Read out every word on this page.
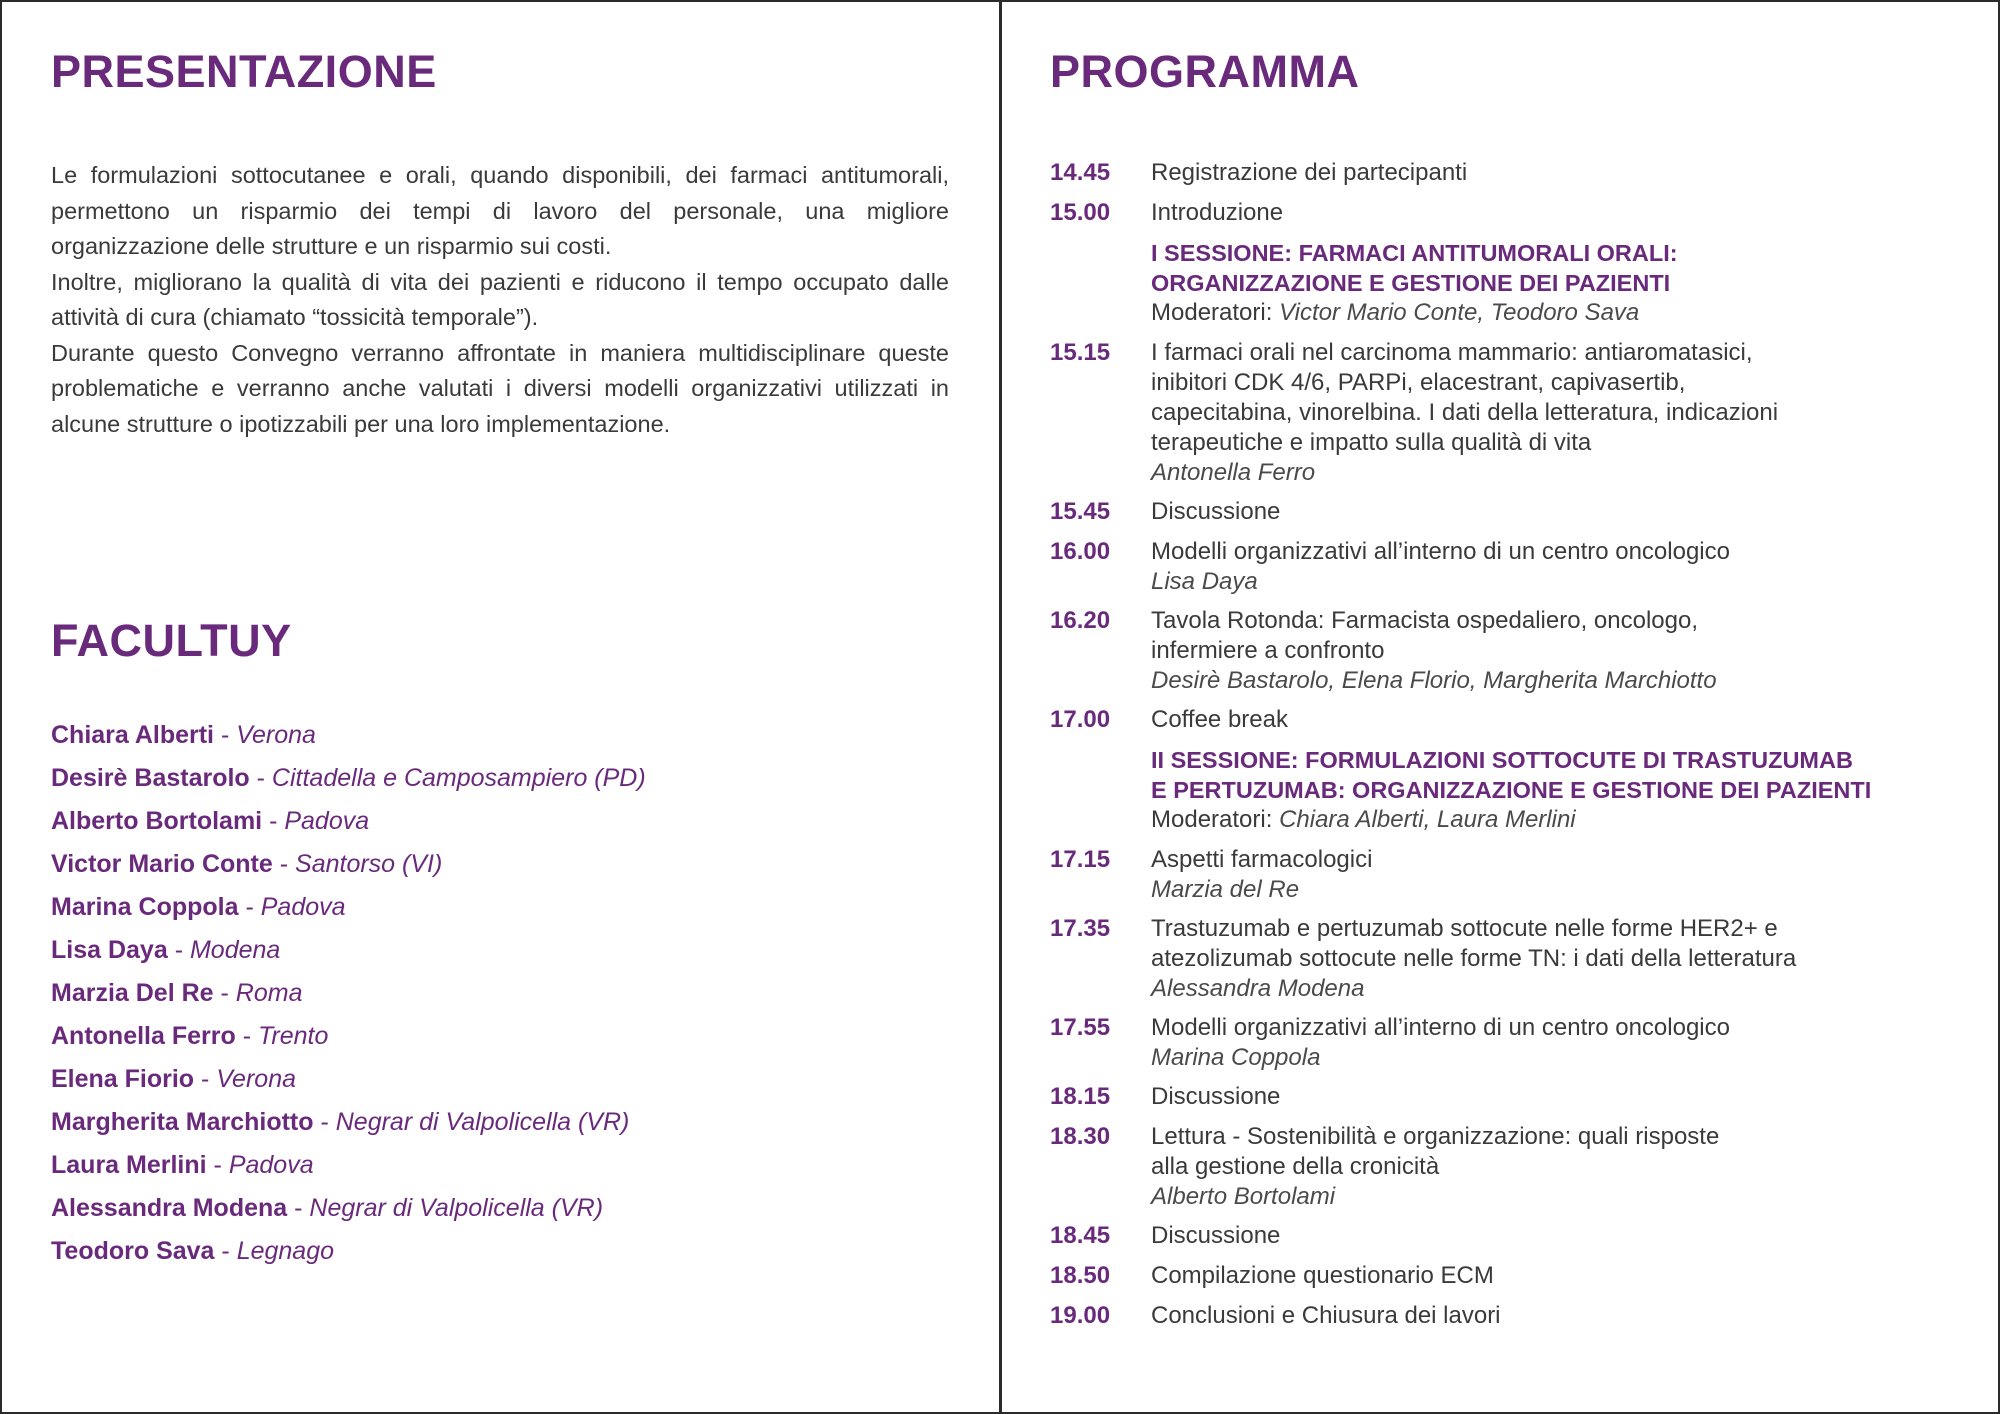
PRESENTAZIONE

Le formulazioni sottocutanee e orali, quando disponibili, dei farmaci antitumorali, permettono un risparmio dei tempi di lavoro del personale, una migliore organizzazione delle strutture e un risparmio sui costi.

Inoltre, migliorano la qualità di vita dei pazienti e riducono il tempo occupato dalle attività di cura (chiamato “tossicità temporale”).

Durante questo Convegno verranno affrontate in maniera multidisciplinare queste problematiche e verranno anche valutati i diversi modelli organizzativi utilizzati in alcune strutture o ipotizzabili per una loro implementazione.

FACULTUY
Chiara Alberti - Verona
Desirè Bastarolo - Cittadella e Camposampiero (PD)
Alberto Bortolami - Padova
Victor Mario Conte - Santorso (VI)
Marina Coppola - Padova
Lisa Daya - Modena
Marzia Del Re - Roma
Antonella Ferro - Trento
Elena Fiorio - Verona
Margherita Marchiotto - Negrar di Valpolicella (VR)
Laura Merlini - Padova
Alessandra Modena - Negrar di Valpolicella (VR)
Teodoro Sava - Legnago
PROGRAMMA
14.45	Registrazione dei partecipanti
15.00	Introduzione
I SESSIONE: FARMACI ANTITUMORALI ORALI:
ORGANIZZAZIONE E GESTIONE DEI PAZIENTI
Moderatori: Victor Mario Conte, Teodoro Sava
15.15	I farmaci orali nel carcinoma mammario: antiaromatasici,
inibitori CDK 4/6, PARPi, elacestrant, capivasertib,
capecitabina, vinorelbina. I dati della letteratura, indicazioni
terapeutiche e impatto sulla qualità di vita
Antonella Ferro
15.45	Discussione
16.00	Modelli organizzativi all’interno di un centro oncologico
Lisa Daya
16.20	Tavola Rotonda: Farmacista ospedaliero, oncologo,
infermiere a confronto
Desirè Bastarolo, Elena Florio, Margherita Marchiotto
17.00	Coffee break
II SESSIONE: FORMULAZIONI SOTTOCUTE DI TRASTUZUMAB
E PERTUZUMAB: ORGANIZZAZIONE E GESTIONE DEI PAZIENTI
Moderatori: Chiara Alberti, Laura Merlini
17.15	Aspetti farmacologici
Marzia del Re
17.35	Trastuzumab e pertuzumab sottocute nelle forme HER2+ e
atezolizumab sottocute nelle forme TN: i dati della letteratura
Alessandra Modena
17.55	Modelli organizzativi all’interno di un centro oncologico
Marina Coppola
18.15	Discussione
18.30	Lettura - Sostenibilità e organizzazione: quali risposte
alla gestione della cronicità
Alberto Bortolami
18.45	Discussione
18.50	Compilazione questionario ECM
19.00	Conclusioni e Chiusura dei lavori
